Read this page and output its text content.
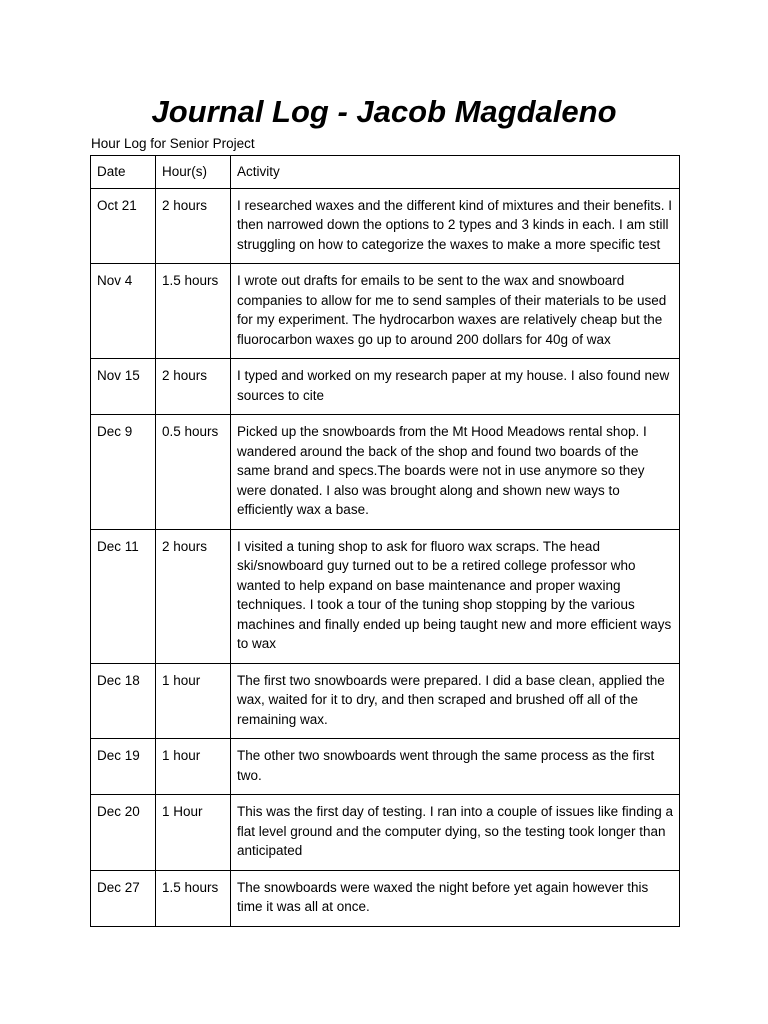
Journal Log - Jacob Magdaleno

Hour Log for Senior Project

Date	Hour(s)	Activity
Oct 21	2 hours	I researched waxes and the different kind of mixtures and their benefits. I then narrowed down the options to 2 types and 3 kinds in each. I am still struggling on how to categorize the waxes to make a more specific test
Nov 4	1.5 hours	I wrote out drafts for emails to be sent to the wax and snowboard companies to allow for me to send samples of their materials to be used for my experiment. The hydrocarbon waxes are relatively cheap but the fluorocarbon waxes go up to around 200 dollars for 40g of wax
Nov 15	2 hours	I typed and worked on my research paper at my house. I also found new sources to cite
Dec 9	0.5 hours	Picked up the snowboards from the Mt Hood Meadows rental shop. I wandered around the back of the shop and found two boards of the same brand and specs.The boards were not in use anymore so they were donated. I also was brought along and shown new ways to efficiently wax a base.
Dec 11	2 hours	I visited a tuning shop to ask for fluoro wax scraps. The head ski/snowboard guy turned out to be a retired college professor who wanted to help expand on base maintenance and proper waxing techniques. I took a tour of the tuning shop stopping by the various machines and finally ended up being taught new and more efficient ways to wax
Dec 18	1 hour	The first two snowboards were prepared. I did a base clean, applied the wax, waited for it to dry, and then scraped and brushed off all of the remaining wax.
Dec 19	1 hour	The other two snowboards went through the same process as the first two.
Dec 20	1 Hour	This was the first day of testing. I ran into a couple of issues like finding a flat level ground and the computer dying, so the testing took longer than anticipated
Dec 27	1.5 hours	The snowboards were waxed the night before yet again however this time it was all at once.
